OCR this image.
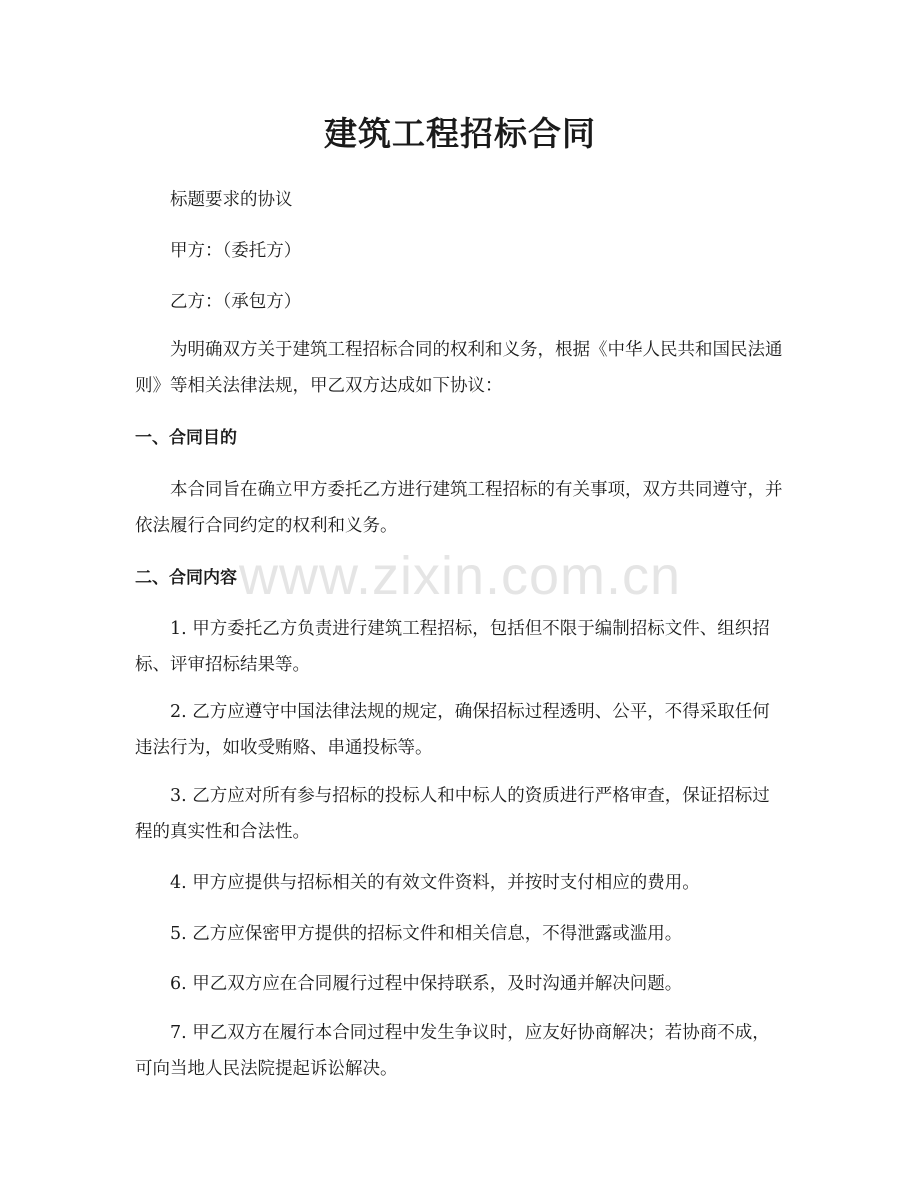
建筑工程招标合同

标题要求的协议

甲方：（委托方）

乙方：（承包方）

为明确双方关于建筑工程招标合同的权利和义务，根据《中华人民共和国民法通则》等相关法律法规，甲乙双方达成如下协议：

一、合同目的

本合同旨在确立甲方委托乙方进行建筑工程招标的有关事项，双方共同遵守，并依法履行合同约定的权利和义务。

二、合同内容

1. 甲方委托乙方负责进行建筑工程招标，包括但不限于编制招标文件、组织招标、评审招标结果等。

2. 乙方应遵守中国法律法规的规定，确保招标过程透明、公平，不得采取任何违法行为，如收受贿赂、串通投标等。

3. 乙方应对所有参与招标的投标人和中标人的资质进行严格审查，保证招标过程的真实性和合法性。

4. 甲方应提供与招标相关的有效文件资料，并按时支付相应的费用。

5. 乙方应保密甲方提供的招标文件和相关信息，不得泄露或滥用。

6. 甲乙双方应在合同履行过程中保持联系，及时沟通并解决问题。

7. 甲乙双方在履行本合同过程中发生争议时，应友好协商解决；若协商不成，可向当地人民法院提起诉讼解决。

www.zixin.com.cn
